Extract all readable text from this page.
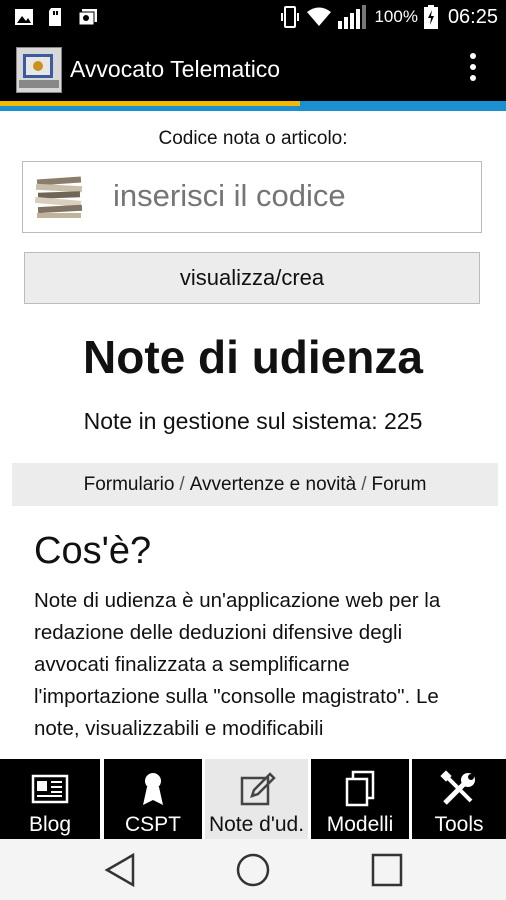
100% 06:25
Avvocato Telematico
Codice nota o articolo:
inserisci il codice
visualizza/crea
Note di udienza
Note in gestione sul sistema: 225
Formulario / Avvertenze e novità / Forum
Cos'è?
Note di udienza è un'applicazione web per la redazione delle deduzioni difensive degli avvocati finalizzata a semplificarne l'importazione sulla "consolle magistrato". Le note, visualizzabili e modificabili
Blog	CSPT	Note d'ud.	Modelli	Tools
